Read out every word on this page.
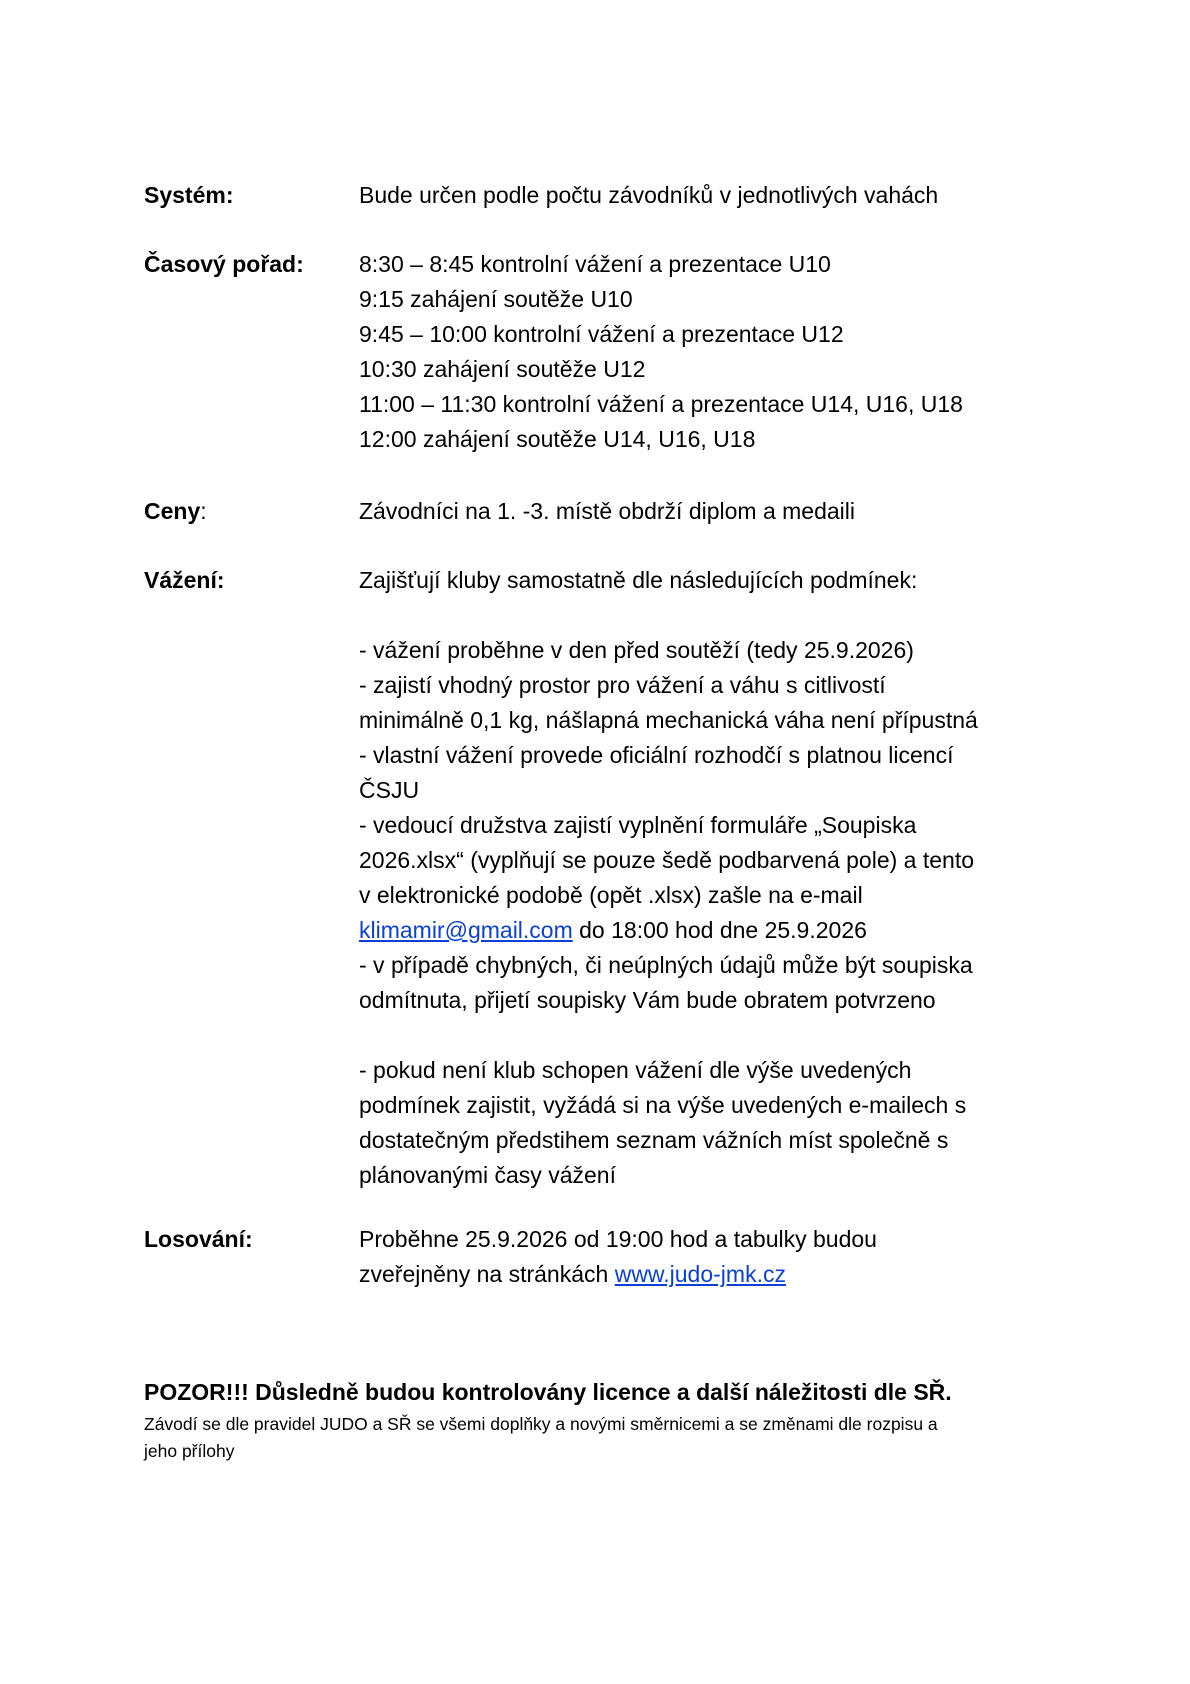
Systém:	Bude určen podle počtu závodníků v jednotlivých vahách
Časový pořad: 8:30 – 8:45 kontrolní vážení a prezentace U10
9:15 zahájení soutěže U10
9:45 – 10:00 kontrolní vážení a prezentace U12
10:30 zahájení soutěže U12
11:00 – 11:30 kontrolní vážení a prezentace U14, U16, U18
12:00 zahájení soutěže U14, U16, U18
Ceny:	Závodníci na 1. -3. místě obdrží diplom a medaili
Vážení:	Zajišťují kluby samostatně dle následujících podmínek:
- vážení proběhne v den před soutěží (tedy 25.9.2026)
- zajistí vhodný prostor pro vážení a váhu s citlivostí
minimálně 0,1 kg, nášlapná mechanická váha není přípustná
- vlastní vážení provede oficiální rozhodčí s platnou licencí
ČSJU
- vedoucí družstva zajistí vyplnění formuláře „Soupiska
2026.xlsx“ (vyplňují se pouze šedě podbarvená pole) a tento
v elektronické podobě (opět .xlsx) zašle na e-mail
klimamir@gmail.com do 18:00 hod dne 25.9.2026
- v případě chybných, či neúplných údajů může být soupiska
odmítnuta, přijetí soupisky Vám bude obratem potvrzeno
- pokud není klub schopen vážení dle výše uvedených
podmínek zajistit, vyžádá si na výše uvedených e-mailech s
dostatečným předstihem seznam vážních míst společně s
plánovanými časy vážení
Losování:	Proběhne 25.9.2026 od 19:00 hod a tabulky budou
zveřejněny na stránkách www.judo-jmk.cz
POZOR!!! Důsledně budou kontrolovány licence a další náležitosti dle SŘ.
Závodí se dle pravidel JUDO a SŘ se všemi doplňky a novými směrnicemi a se změnami dle rozpisu a
jeho přílohy
